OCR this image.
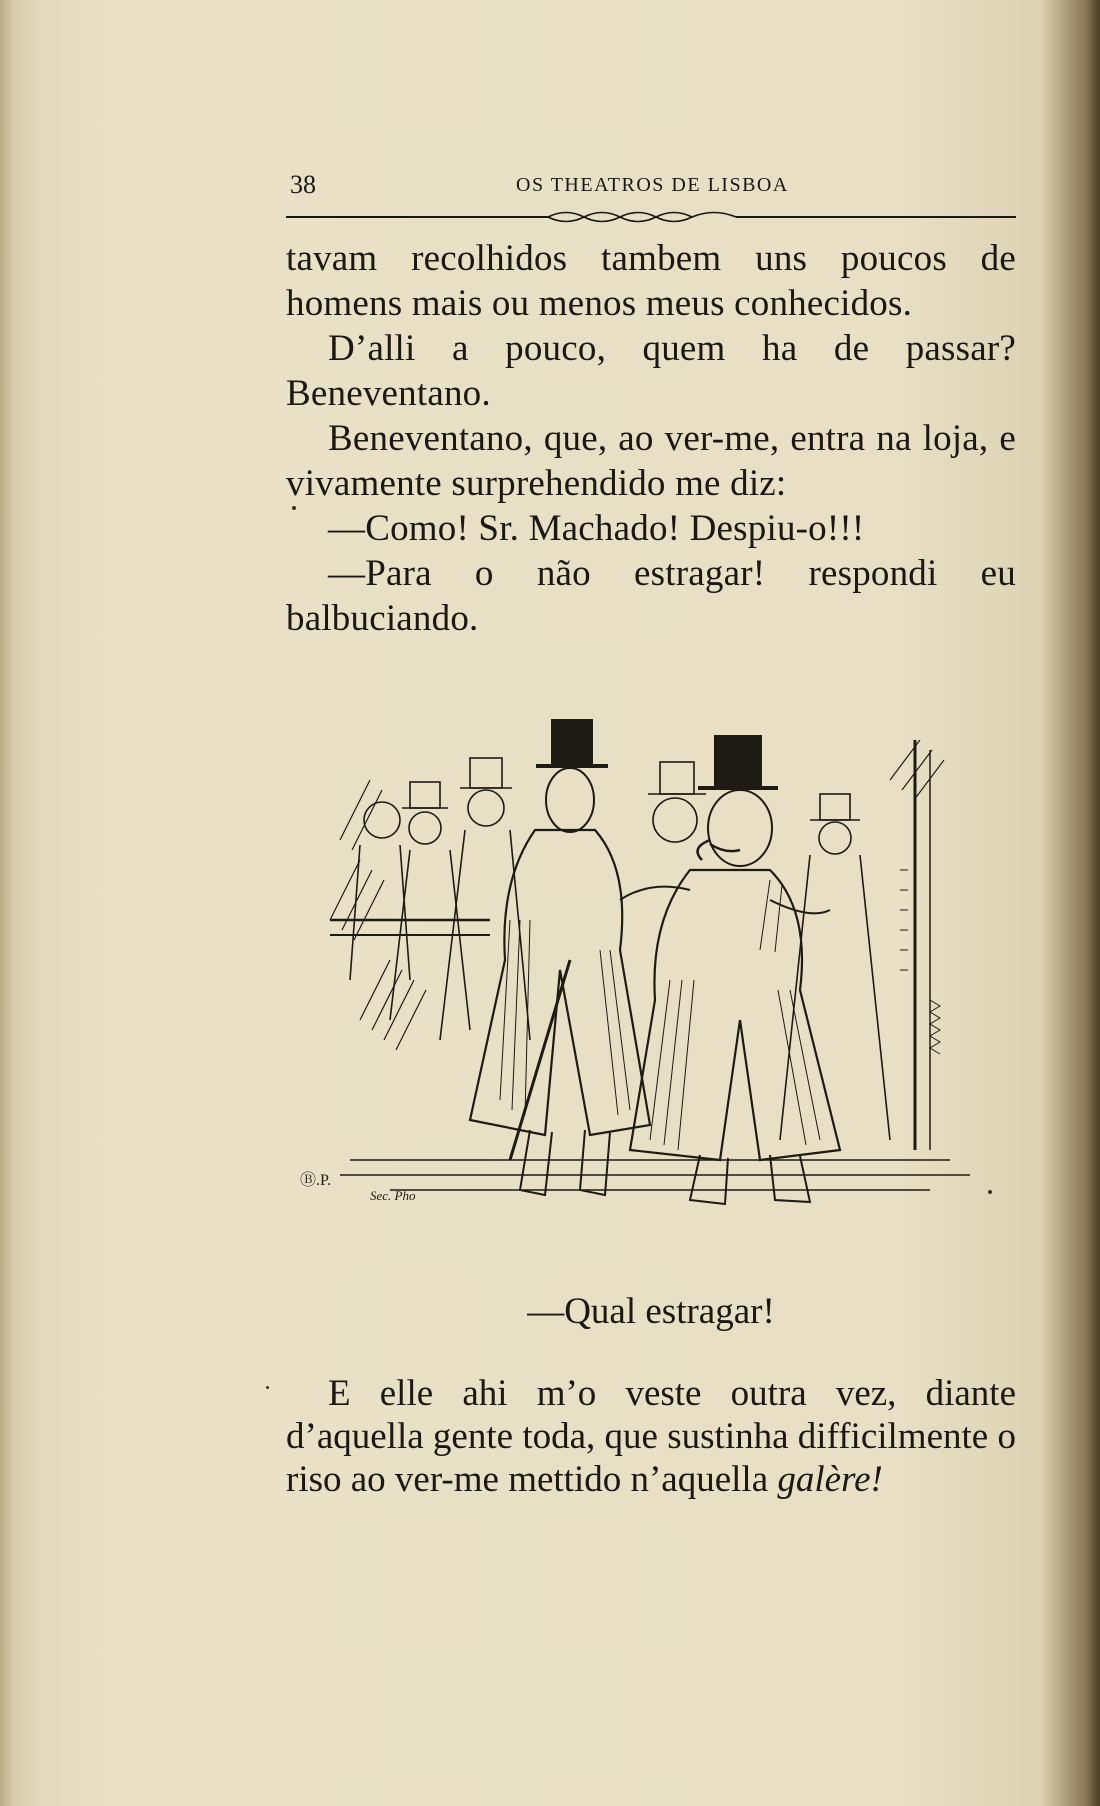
38	OS THEATROS DE LISBOA

tavam recolhidos tambem uns poucos de homens mais ou menos meus conhecidos.

D’alli a pouco, quem ha de passar? Beneventano.

Beneventano, que, ao ver-me, entra na loja, e vivamente surprehendido me diz:

—Como! Sr. Machado! Despiu-o!!!

—Para o não estragar! respondi eu balbuciando.

Ⓑ.P.
Sec. Pho
—Qual estragar!

E elle ahi m’o veste outra vez, diante d’aquella gente toda, que sustinha difficilmente o riso ao ver-me mettido n’aquella galère!
